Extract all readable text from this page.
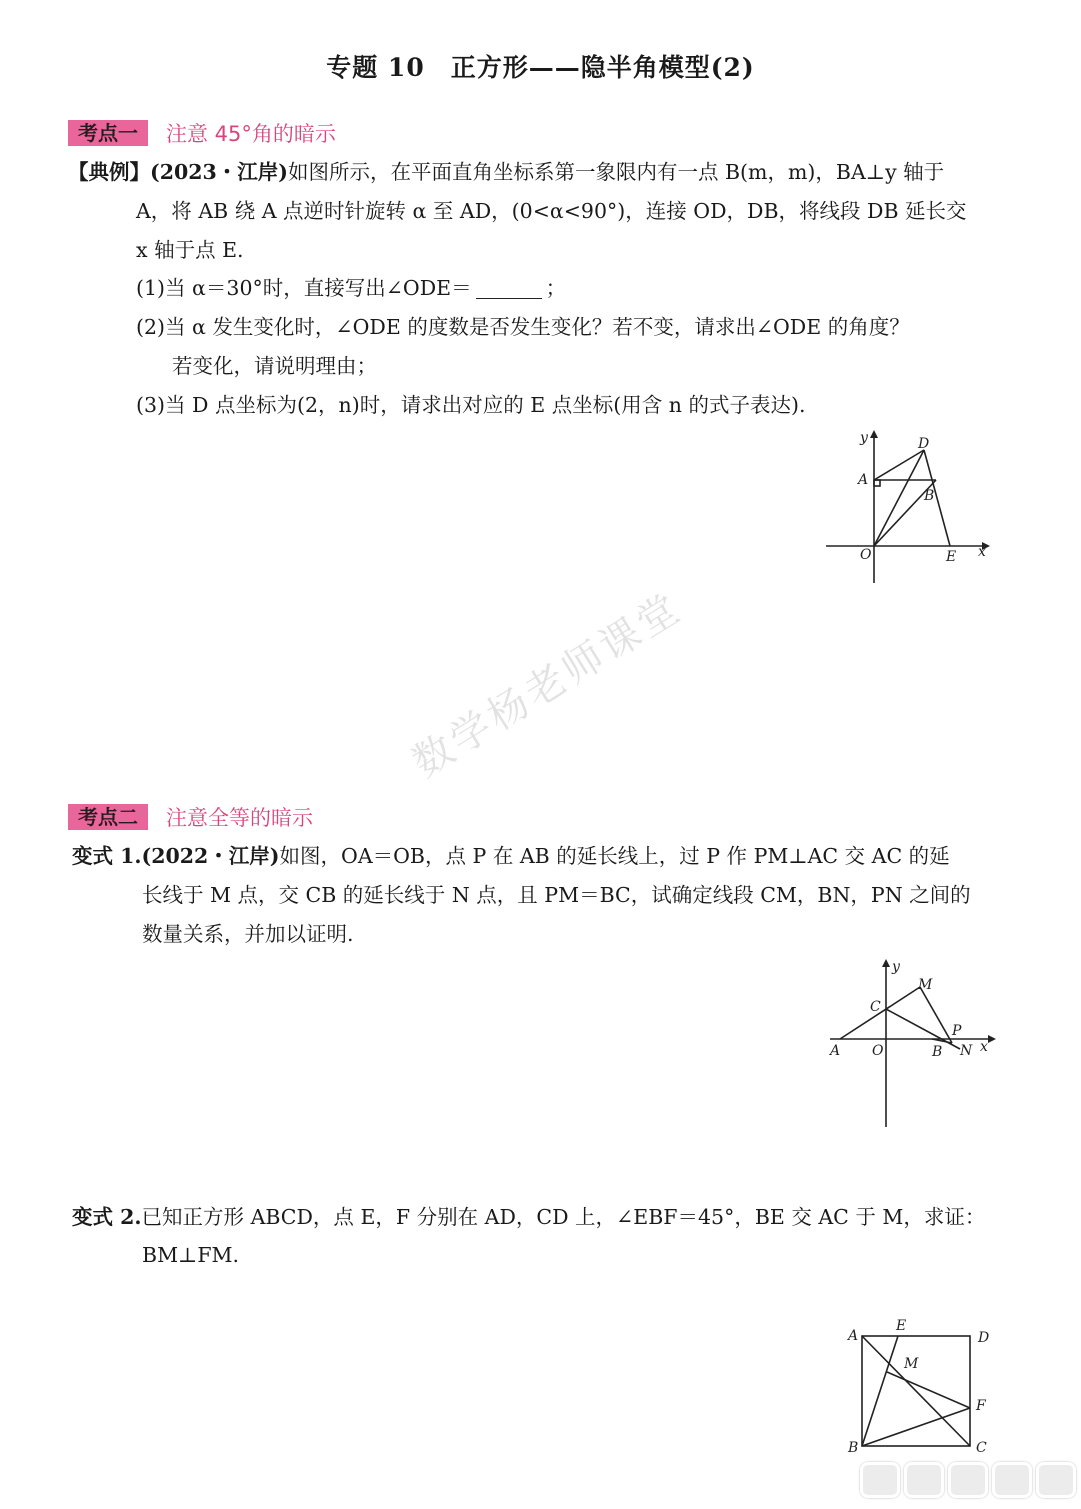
专题 10　正方形——隐半角模型(2)
考点一	注意 45°角的暗示
【典例】(2023・江岸)如图所示，在平面直角坐标系第一象限内有一点 B(m，m)，BA⊥y 轴于
A，将 AB 绕 A 点逆时针旋转 α 至 AD，(0<α<90°)，连接 OD，DB，将线段 DB 延长交
x 轴于点 E.
(1)当 α＝30°时，直接写出∠ODE＝	；
(2)当 α 发生变化时，∠ODE 的度数是否发生变化？若不变，请求出∠ODE 的角度？
若变化，请说明理由；
(3)当 D 点坐标为(2，n)时，请求出对应的 E 点坐标(用含 n 的式子表达).
y	D
A
B
O	E x
数学杨老师课堂
考点二	注意全等的暗示
变式 1.(2022・江岸)如图，OA＝OB，点 P 在 AB 的延长线上，过 P 作 PM⊥AC 交 AC 的延
长线于 M 点，交 CB 的延长线于 N 点，且 PM＝BC，试确定线段 CM，BN，PN 之间的
数量关系，并加以证明.
y
M
C
P
A O	B N x
变式 2.已知正方形 ABCD，点 E，F 分别在 AD，CD 上，∠EBF＝45°，BE 交 AC 于 M，求证：
BM⊥FM.
A
E
D
M
F
B	C
